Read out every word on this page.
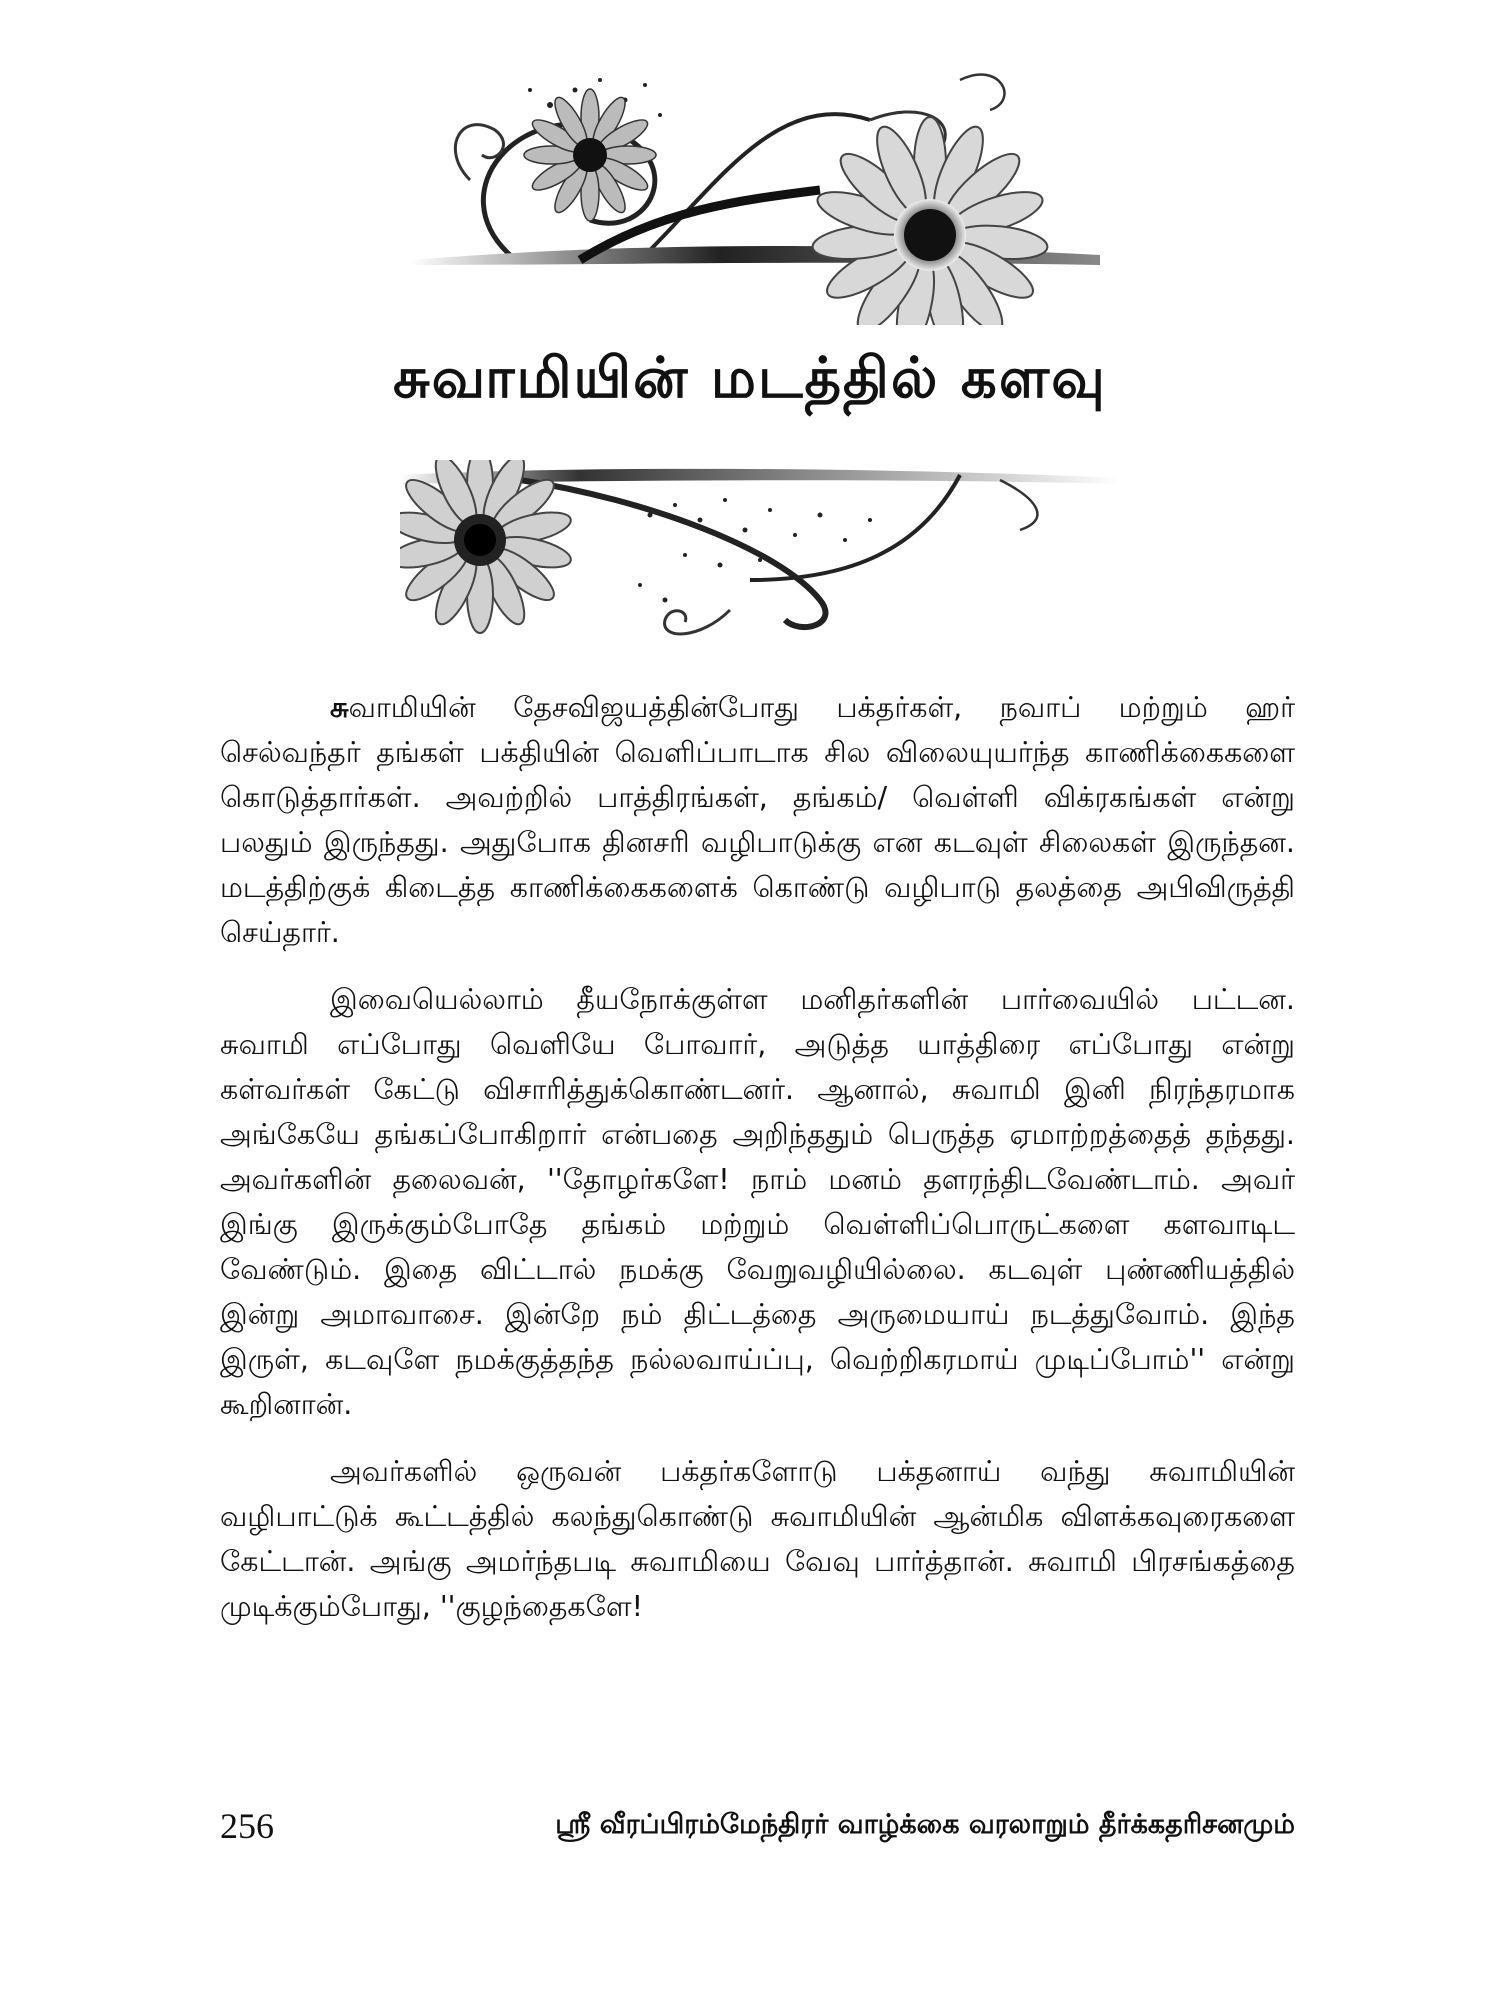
சுவாமியின் மடத்தில் களவு

சுவாமியின் தேசவிஜயத்தின்போது பக்தர்கள், நவாப் மற்றும் ஹர் செல்வந்தர் தங்கள் பக்தியின் வெளிப்பாடாக சில விலையுயர்ந்த காணிக்கைகளை கொடுத்தார்கள். அவற்றில் பாத்திரங்கள், தங்கம்/ வெள்ளி விக்ரகங்கள் என்று பலதும் இருந்தது. அதுபோக தினசரி வழிபாடுக்கு என கடவுள் சிலைகள் இருந்தன. மடத்திற்குக் கிடைத்த காணிக்கைகளைக் கொண்டு வழிபாடு தலத்தை அபிவிருத்தி செய்தார்.

இவையெல்லாம் தீயநோக்குள்ள மனிதர்களின் பார்வையில் பட்டன. சுவாமி எப்போது வெளியே போவார், அடுத்த யாத்திரை எப்போது என்று கள்வர்கள் கேட்டு விசாரித்துக்கொண்டனர். ஆனால், சுவாமி இனி நிரந்தரமாக அங்கேயே தங்கப்போகிறார் என்பதை அறிந்ததும் பெருத்த ஏமாற்றத்தைத் தந்தது. அவர்களின் தலைவன், ''தோழர்களே! நாம் மனம் தளரந்திடவேண்டாம். அவர் இங்கு இருக்கும்போதே தங்கம் மற்றும் வெள்ளிப்பொருட்களை களவாடிட வேண்டும். இதை விட்டால் நமக்கு வேறுவழியில்லை. கடவுள் புண்ணியத்தில் இன்று அமாவாசை. இன்றே நம் திட்டத்தை அருமையாய் நடத்துவோம். இந்த இருள், கடவுளே நமக்குத்தந்த நல்லவாய்ப்பு, வெற்றிகரமாய் முடிப்போம்'' என்று கூறினான்.

அவர்களில் ஒருவன் பக்தர்களோடு பக்தனாய் வந்து சுவாமியின் வழிபாட்டுக் கூட்டத்தில் கலந்துகொண்டு சுவாமியின் ஆன்மிக விளக்கவுரைகளை கேட்டான். அங்கு அமர்ந்தபடி சுவாமியை வேவு பார்த்தான். சுவாமி பிரசங்கத்தை முடிக்கும்போது, ''குழந்தைகளே!

256	ஸ்ரீ வீரப்பிரம்மேந்திரர் வாழ்க்கை வரலாறும் தீர்க்கதரிசனமும்
